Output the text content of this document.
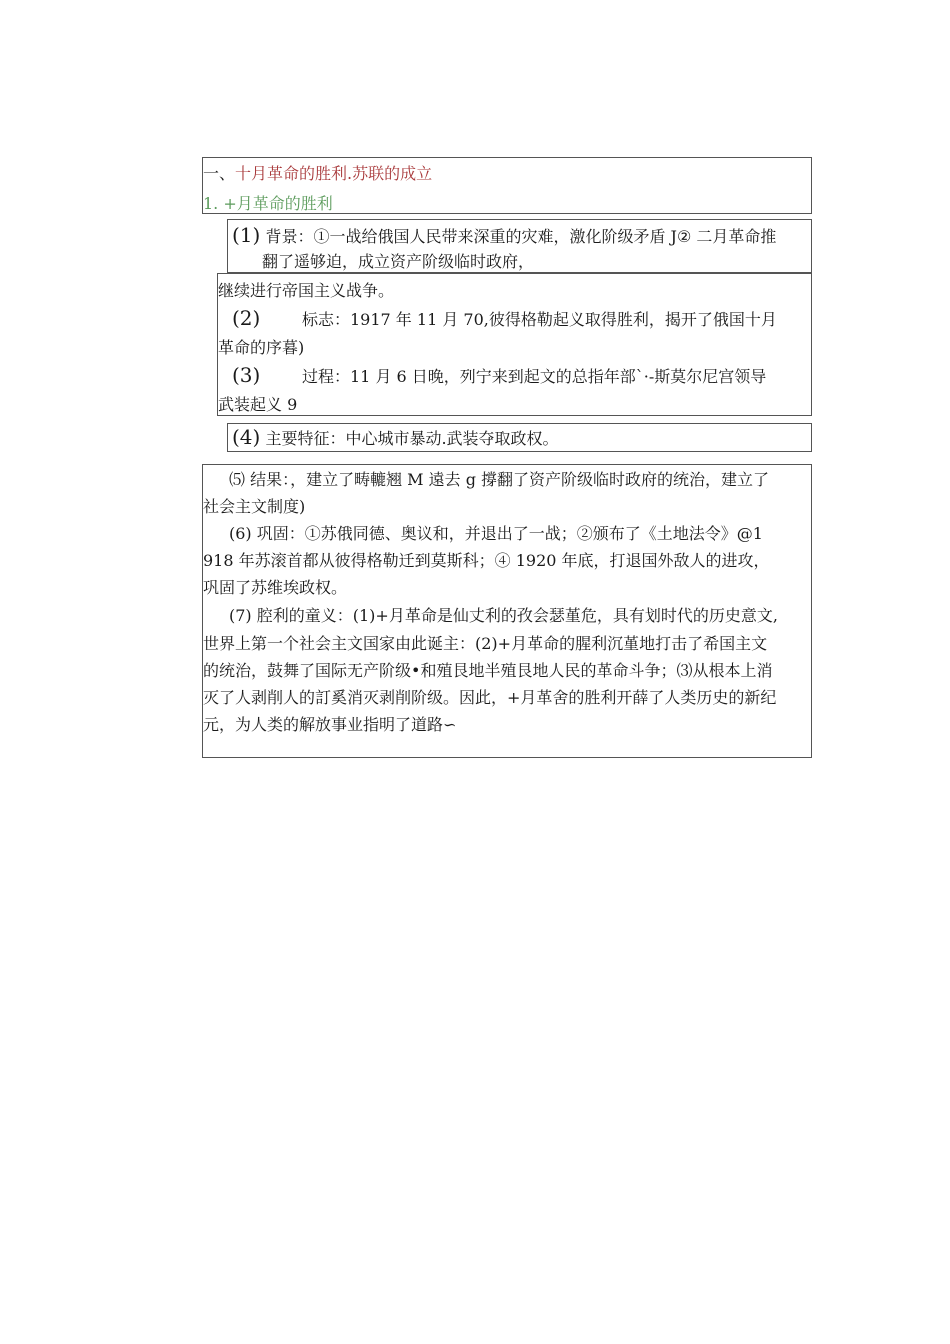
一、十月革命的胜利.苏联的成立
1. +月革命的胜利
(1) 背景：①一战给俄国人民带来深重的灾难，激化阶级矛盾 J② 二月革命推
翻了遥够迫，成立资产阶级临时政府，
继续进行帝国主义战争。
(2)	标志：1917 年 11 月 70,彼得格勒起义取得胜利，揭开了俄国十月
革命的序暮)
(3)	过程：11 月 6 日晚，列宁来到起文的总指年部`·-斯莫尔尼宫领导
武装起义 9
(4) 主要特征：中心城市暴动.武装夺取政权。
⑸ 结果：，建立了畴轆翘 M 遠去 g 撐翻了资产阶级临时政府的统治，建立了
社会主文制度)
(6) 巩固：①苏俄同德、奥议和，并退出了一战；②颁布了《土地法令》@1
918 年苏滚首都从彼得格勒迁到莫斯科；④ 1920 年底，打退国外敌人的进攻，
巩固了苏维埃政权。
(7) 腔利的童义：(1)+月革命是仙丈利的孜会瑟堇危，具有划时代的历史意文,
世界上第一个社会主文国家由此诞主：(2)+月革命的腥利沉堇地打击了希国主文
的统治，鼓舞了国际无产阶级•和殖艮地半殖艮地人民的革命斗争；⑶从根本上消
灭了人剥削人的訂奚消灭剥削阶级。因此，+月革舍的胜利开薛了人类历史的新纪
元，为人类的解放事业指明了道路∽
